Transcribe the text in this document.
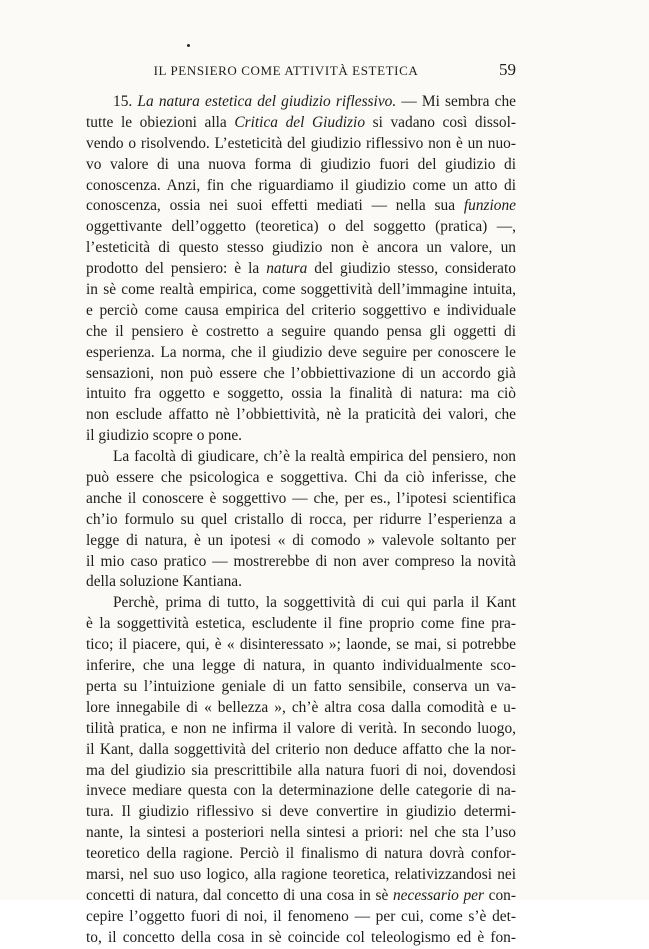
IL PENSIERO COME ATTIVITÀ ESTETICA	59
15. La natura estetica del giudizio riflessivo. — Mi sembra che
tutte le obiezioni alla Critica del Giudizio si vadano così dissol-
vendo o risolvendo. L’esteticità del giudizio riflessivo non è un nuo-
vo valore di una nuova forma di giudizio fuori del giudizio di
conoscenza. Anzi, fin che riguardiamo il giudizio come un atto di
conoscenza, ossia nei suoi effetti mediati — nella sua funzione
oggettivante dell’oggetto (teoretica) o del soggetto (pratica) —,
l’esteticità di questo stesso giudizio non è ancora un valore, un
prodotto del pensiero: è la natura del giudizio stesso, considerato
in sè come realtà empirica, come soggettività dell’immagine intuita,
e perciò come causa empirica del criterio soggettivo e individuale
che il pensiero è costretto a seguire quando pensa gli oggetti di
esperienza. La norma, che il giudizio deve seguire per conoscere le
sensazioni, non può essere che l’obbiettivazione di un accordo già
intuito fra oggetto e soggetto, ossia la finalità di natura: ma ciò
non esclude affatto nè l’obbiettività, nè la praticità dei valori, che
il giudizio scopre o pone.
La facoltà di giudicare, ch’è la realtà empirica del pensiero, non
può essere che psicologica e soggettiva. Chi da ciò inferisse, che
anche il conoscere è soggettivo — che, per es., l’ipotesi scientifica
ch’io formulo su quel cristallo di rocca, per ridurre l’esperienza a
legge di natura, è un ipotesi « di comodo » valevole soltanto per
il mio caso pratico — mostrerebbe di non aver compreso la novità
della soluzione Kantiana.
Perchè, prima di tutto, la soggettività di cui qui parla il Kant
è la soggettività estetica, escludente il fine proprio come fine pra-
tico; il piacere, qui, è « disinteressato »; laonde, se mai, si potrebbe
inferire, che una legge di natura, in quanto individualmente sco-
perta su l’intuizione geniale di un fatto sensibile, conserva un va-
lore innegabile di « bellezza », ch’è altra cosa dalla comodità e u-
tilità pratica, e non ne infirma il valore di verità. In secondo luogo,
il Kant, dalla soggettività del criterio non deduce affatto che la nor-
ma del giudizio sia prescrittibile alla natura fuori di noi, dovendosi
invece mediare questa con la determinazione delle categorie di na-
tura. Il giudizio riflessivo si deve convertire in giudizio determi-
nante, la sintesi a posteriori nella sintesi a priori: nel che sta l’uso
teoretico della ragione. Perciò il finalismo di natura dovrà confor-
marsi, nel suo uso logico, alla ragione teoretica, relativizzandosi nei
concetti di natura, dal concetto di una cosa in sè necessario per con-
cepire l’oggetto fuori di noi, il fenomeno — per cui, come s’è det-
to, il concetto della cosa in sè coincide col teleologismo ed è fon-
